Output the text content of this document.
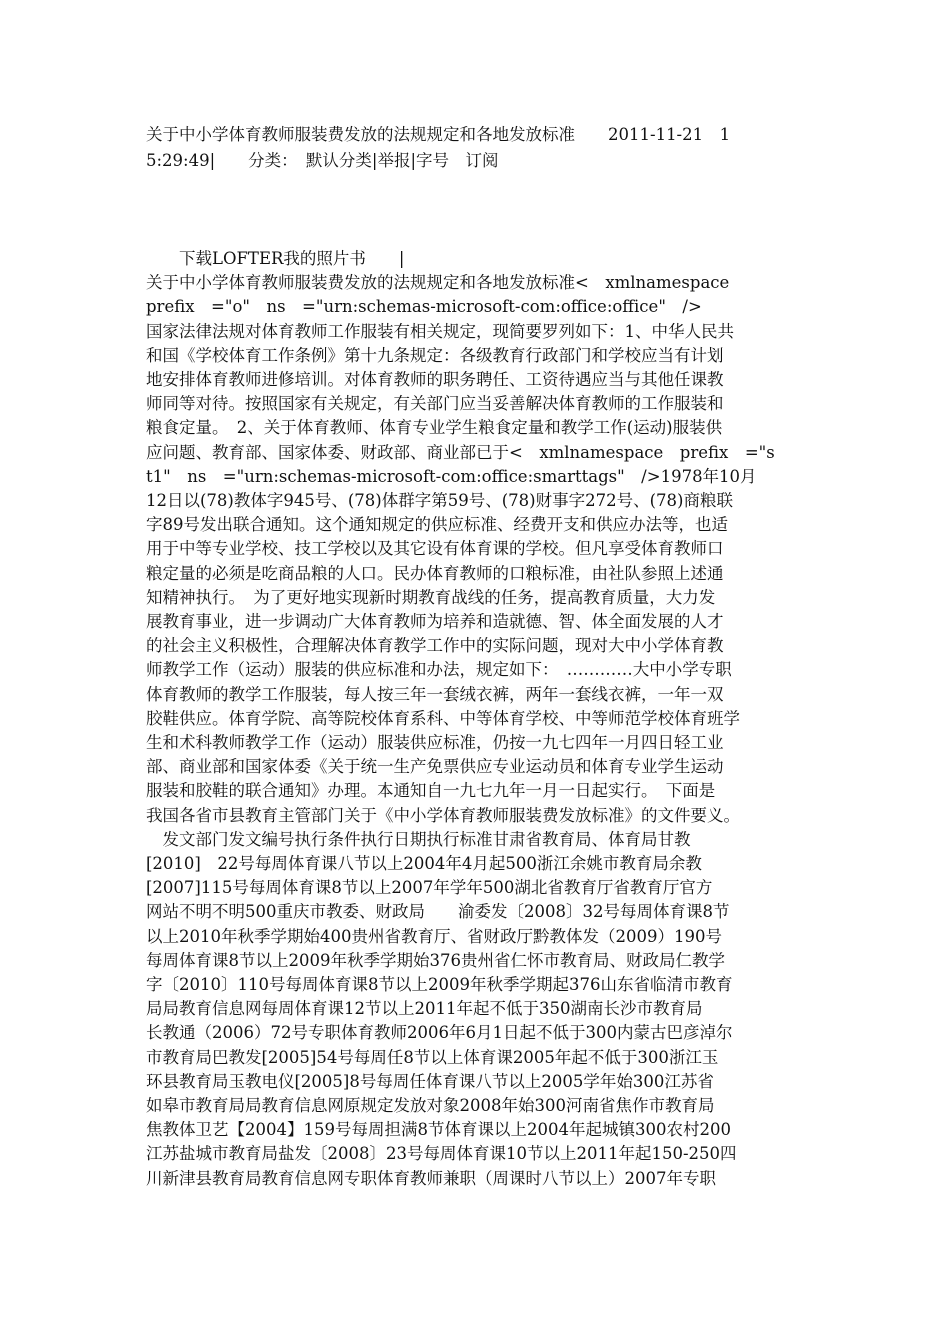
关于中小学体育教师服装费发放的法规规定和各地发放标准　　2011-11-21　1
5:29:49|　　分类：　默认分类|举报|字号　订阅
　　下载LOFTER我的照片书　　|
关于中小学体育教师服装费发放的法规规定和各地发放标准<　xmlnamespace
prefix　="o"　ns　="urn:schemas-microsoft-com:office:office"　/>
国家法律法规对体育教师工作服装有相关规定，现简要罗列如下：1、中华人民共
和国《学校体育工作条例》第十九条规定：各级教育行政部门和学校应当有计划
地安排体育教师进修培训。对体育教师的职务聘任、工资待遇应当与其他任课教
师同等对待。按照国家有关规定，有关部门应当妥善解决体育教师的工作服装和
粮食定量。　2、关于体育教师、体育专业学生粮食定量和教学工作(运动)服装供
应问题、教育部、国家体委、财政部、商业部已于<　xmlnamespace　prefix　="s
t1"　ns　="urn:schemas-microsoft-com:office:smarttags"　/>1978年10月
12日以(78)教体字945号、(78)体群字第59号、(78)财事字272号、(78)商粮联
字89号发出联合通知。这个通知规定的供应标准、经费开支和供应办法等，也适
用于中等专业学校、技工学校以及其它设有体育课的学校。但凡享受体育教师口
粮定量的必须是吃商品粮的人口。民办体育教师的口粮标准，由社队参照上述通
知精神执行。　为了更好地实现新时期教育战线的任务，提高教育质量，大力发
展教育事业，进一步调动广大体育教师为培养和造就德、智、体全面发展的人才
的社会主义积极性，合理解决体育教学工作中的实际问题，现对大中小学体育教
师教学工作（运动）服装的供应标准和办法，规定如下：　…………大中小学专职
体育教师的教学工作服装，每人按三年一套绒衣裤，两年一套线衣裤，一年一双
胶鞋供应。体育学院、高等院校体育系科、中等体育学校、中等师范学校体育班学
生和术科教师教学工作（运动）服装供应标准，仍按一九七四年一月四日轻工业
部、商业部和国家体委《关于统一生产免票供应专业运动员和体育专业学生运动
服装和胶鞋的联合通知》办理。本通知自一九七九年一月一日起实行。　下面是
我国各省市县教育主管部门关于《中小学体育教师服装费发放标准》的文件要义。
　发文部门发文编号执行条件执行日期执行标准甘肃省教育局、体育局甘教
[2010]　22号每周体育课八节以上2004年4月起500浙江余姚市教育局余教
[2007]115号每周体育课8节以上2007年学年500湖北省教育厅省教育厅官方
网站不明不明500重庆市教委、财政局　　渝委发〔2008〕32号每周体育课8节
以上2010年秋季学期始400贵州省教育厅、省财政厅黔教体发（2009）190号
每周体育课8节以上2009年秋季学期始376贵州省仁怀市教育局、财政局仁教学
字〔2010〕110号每周体育课8节以上2009年秋季学期起376山东省临清市教育
局局教育信息网每周体育课12节以上2011年起不低于350湖南长沙市教育局
长教通（2006）72号专职体育教师2006年6月1日起不低于300内蒙古巴彦淖尔
市教育局巴教发[2005]54号每周任8节以上体育课2005年起不低于300浙江玉
环县教育局玉教电仪[2005]8号每周任体育课八节以上2005学年始300江苏省
如皋市教育局局教育信息网原规定发放对象2008年始300河南省焦作市教育局
焦教体卫艺【2004】159号每周担满8节体育课以上2004年起城镇300农村200
江苏盐城市教育局盐发〔2008〕23号每周体育课10节以上2011年起150-250四
川新津县教育局教育信息网专职体育教师兼职（周课时八节以上）2007年专职
